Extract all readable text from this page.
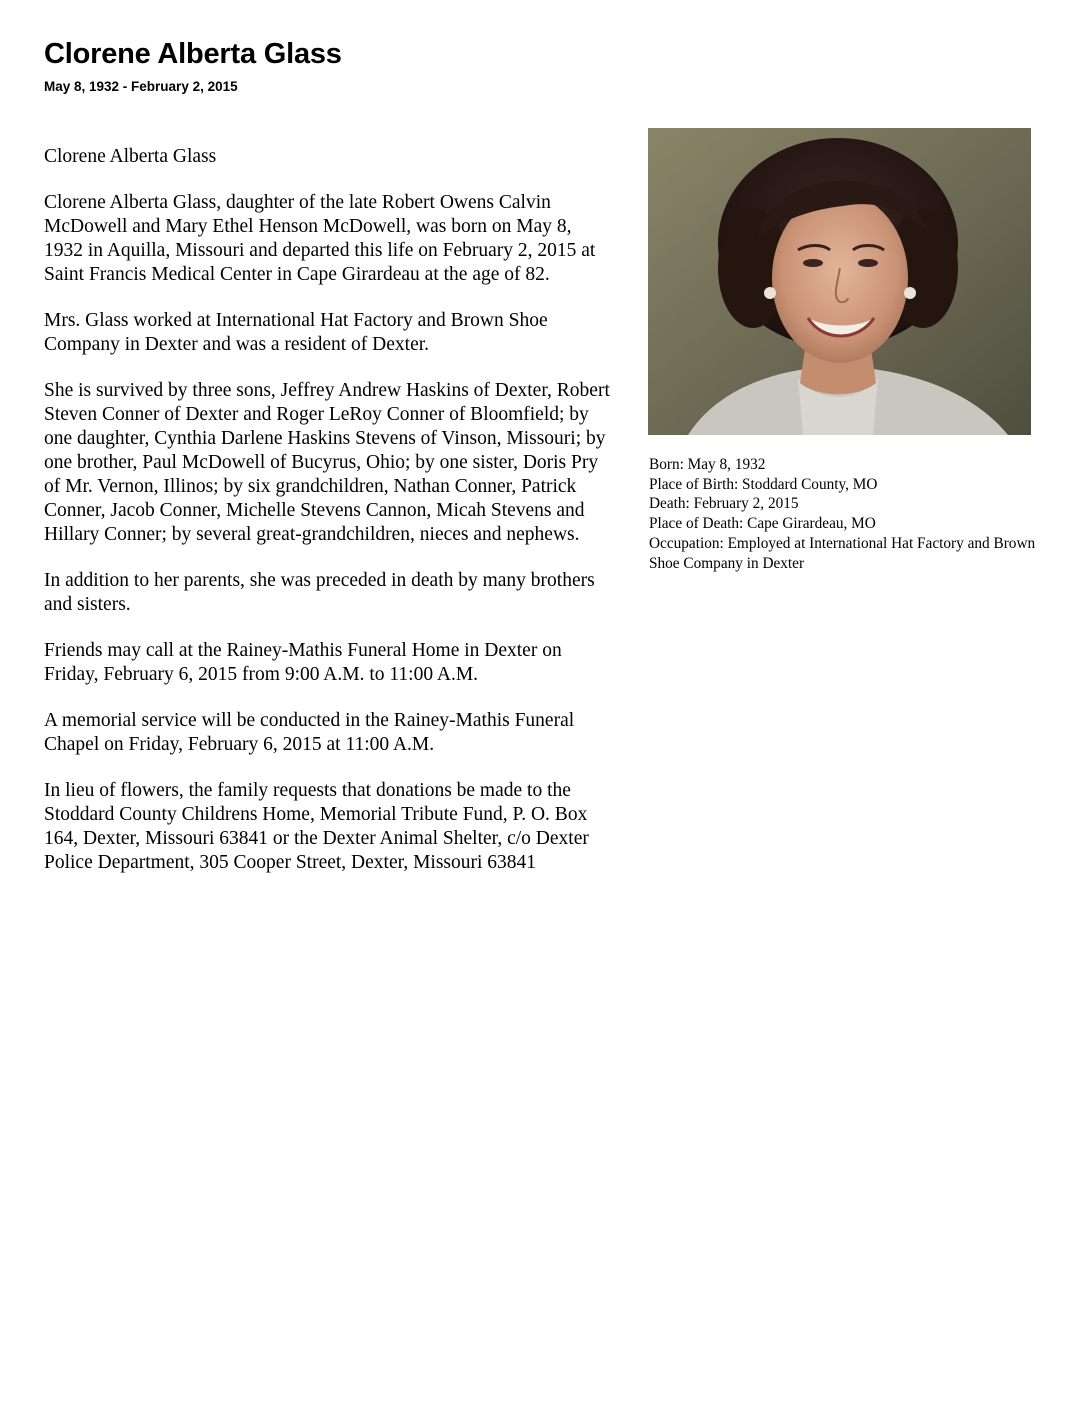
Clorene Alberta Glass
May 8, 1932 - February 2, 2015

Clorene Alberta Glass

Clorene Alberta Glass, daughter of the late Robert Owens Calvin McDowell and Mary Ethel Henson McDowell, was born on May 8, 1932 in Aquilla, Missouri and departed this life on February 2, 2015 at Saint Francis Medical Center in Cape Girardeau at the age of 82.

Mrs. Glass worked at International Hat Factory and Brown Shoe Company in Dexter and was a resident of Dexter.

She is survived by three sons, Jeffrey Andrew Haskins of Dexter, Robert Steven Conner of Dexter and Roger LeRoy Conner of Bloomfield; by one daughter, Cynthia Darlene Haskins Stevens of Vinson, Missouri; by one brother, Paul McDowell of Bucyrus, Ohio; by one sister, Doris Pry of Mr. Vernon, Illinos; by six grandchildren, Nathan Conner, Patrick Conner, Jacob Conner, Michelle Stevens Cannon, Micah Stevens and Hillary Conner; by several great-grandchildren, nieces and nephews.

In addition to her parents, she was preceded in death by many brothers and sisters.

Friends may call at the Rainey-Mathis Funeral Home in Dexter on Friday, February 6, 2015 from 9:00 A.M. to 11:00 A.M.

A memorial service will be conducted in the Rainey-Mathis Funeral Chapel on Friday, February 6, 2015 at 11:00 A.M.

In lieu of flowers, the family requests that donations be made to the Stoddard County Childrens Home, Memorial Tribute Fund, P. O. Box 164, Dexter, Missouri 63841 or the Dexter Animal Shelter, c/o Dexter Police Department, 305 Cooper Street, Dexter, Missouri 63841

Born: May 8, 1932
Place of Birth: Stoddard County, MO
Death: February 2, 2015
Place of Death: Cape Girardeau, MO
Occupation: Employed at International Hat Factory and Brown Shoe Company in Dexter
